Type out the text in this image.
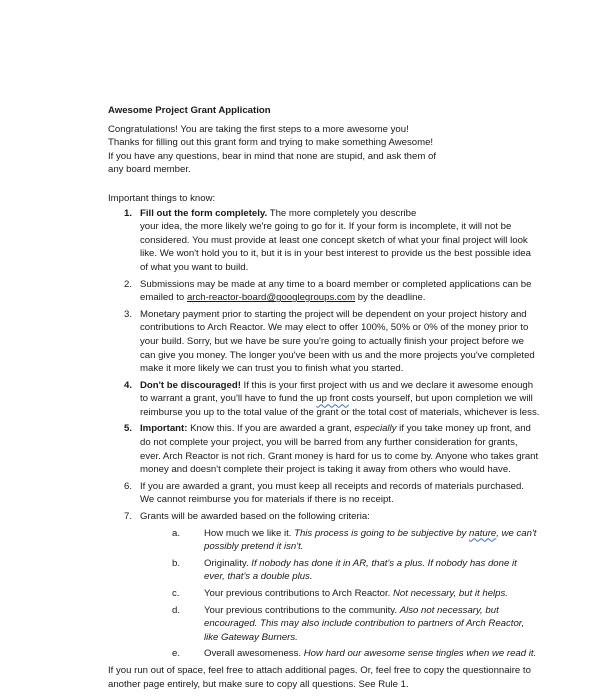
Awesome Project Grant Application

Congratulations! You are taking the first steps to a more awesome you!

Thanks for filling out this grant form and trying to make something Awesome!

If you have any questions, bear in mind that none are stupid, and ask them of

any board member.

Important things to know:
1. Fill out the form completely. The more completely you describe
your idea, the more likely we're going to go for it. If your form is incomplete, it will not be considered. You must provide at least one concept sketch of what your final project will look like. We won't hold you to it, but it is in your best interest to provide us the best possible idea of what you want to build.
2. Submissions may be made at any time to a board member or completed applications can be emailed to arch-reactor-board@googlegroups.com by the deadline.
3. Monetary payment prior to starting the project will be dependent on your project history and contributions to Arch Reactor. We may elect to offer 100%, 50% or 0% of the money prior to your build. Sorry, but we have be sure you're going to actually finish your project before we can give you money. The longer you've been with us and the more projects you've completed make it more likely we can trust you to finish what you started.
4. Don't be discouraged! If this is your first project with us and we declare it awesome enough to warrant a grant, you'll have to fund the up front costs yourself, but upon completion we will reimburse you up to the total value of the grant or the total cost of materials, whichever is less.
5. Important: Know this. If you are awarded a grant, especially if you take money up front, and do not complete your project, you will be barred from any further consideration for grants, ever. Arch Reactor is not rich. Grant money is hard for us to come by. Anyone who takes grant money and doesn't complete their project is taking it away from others who would have.
6. If you are awarded a grant, you must keep all receipts and records of materials purchased. We cannot reimburse you for materials if there is no receipt.
7. Grants will be awarded based on the following criteria:
a. How much we like it. This process is going to be subjective by nature, we can't possibly pretend it isn't.
b. Originality. If nobody has done it in AR, that's a plus. If nobody has done it ever, that's a double plus.
c.	Your previous contributions to Arch Reactor. Not necessary, but it helps.
d. Your previous contributions to the community. Also not necessary, but encouraged. This may also include contribution to partners of Arch Reactor, like Gateway Burners.
e. Overall awesomeness. How hard our awesome sense tingles when we read it.

If you run out of space, feel free to attach additional pages. Or, feel free to copy the questionnaire to

another page entirely, but make sure to copy all questions. See Rule 1.
